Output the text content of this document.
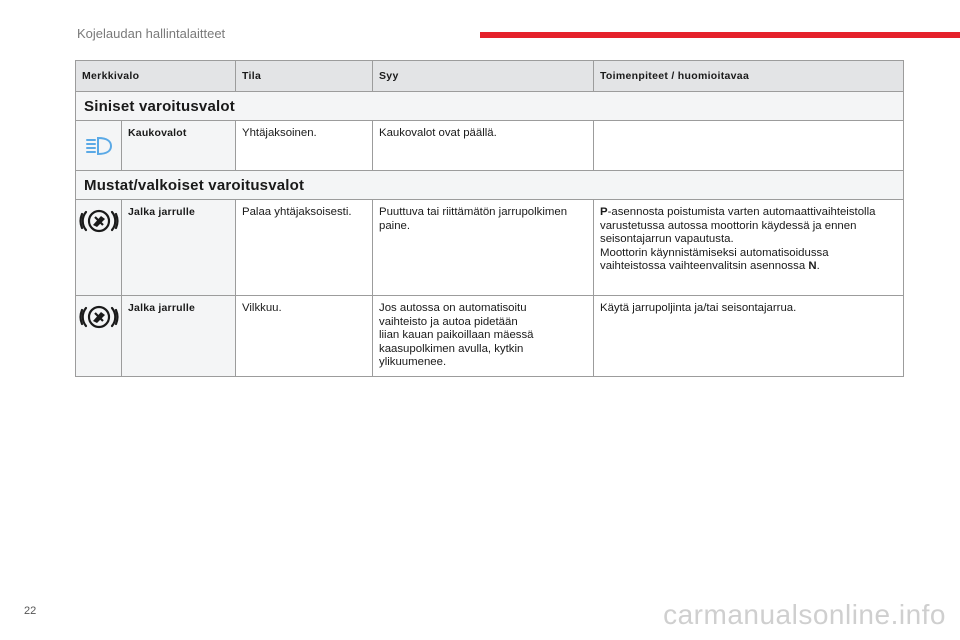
Kojelaudan hallintalaitteet
Merkkivalo		Tila	Syy	Toimenpiteet / huomioitavaa
Siniset varoitusvalot				

	Kaukovalot	Yhtäjaksoinen.	Kaukovalot ovat päällä.	
Mustat/valkoiset varoitusvalot				
	Jalka jarrulle	Palaa yhtäjaksoisesti.	Puuttuva tai riittämätön jarrupolkimen paine.	P-asennosta poistumista varten automaattivaihteistolla varustetussa autossa moottorin käydessä ja ennen seisontajarrun vapautusta.
Moottorin käynnistämiseksi automatisoidussa vaihteistossa vaihteenvalitsin asennossa N.
	Jalka jarrulle	Vilkkuu.	Jos autossa on automatisoitu
vaihteisto ja autoa pidetään
liian kauan paikoillaan mäessä
kaasupolkimen avulla, kytkin
ylikuumenee.	Käytä jarrupoljinta ja/tai seisontajarrua.
22	carmanualsonline.info
